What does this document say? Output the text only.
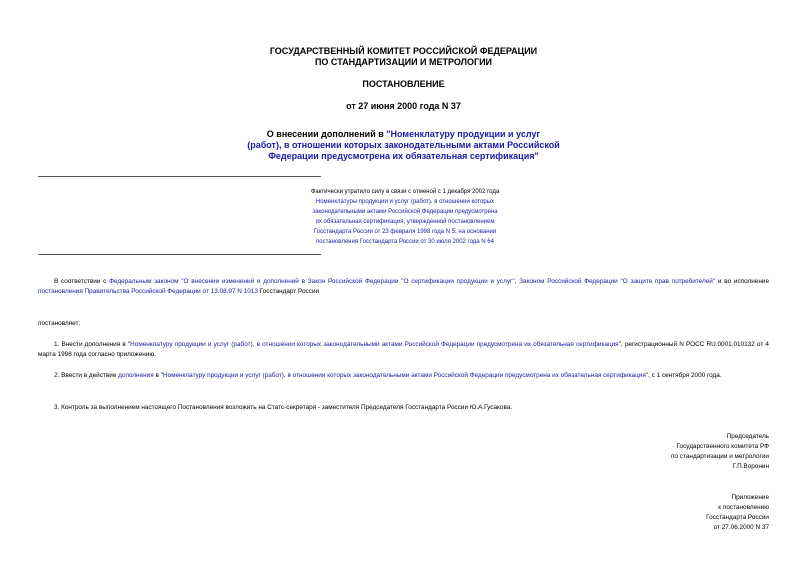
ГОСУДАРСТВЕННЫЙ КОМИТЕТ РОССИЙСКОЙ ФЕДЕРАЦИИ
ПО СТАНДАРТИЗАЦИИ И МЕТРОЛОГИИ
ПОСТАНОВЛЕНИЕ
от 27 июня 2000 года N 37
О внесении дополнений в "Номенклатуру продукции и услуг
(работ), в отношении которых законодательными актами Российской
Федерации предусмотрена их обязательная сертификация"
Фактически утратило силу в связи с отменой с 1 декабря 2002 года
Номенклатуры продукции и услуг (работ), в отношении которых
законодательными актами Российской Федерации предусмотрена
их обязательная сертификация, утвержденной постановлением
Госстандарта России от 23 февраля 1998 года N 5, на основании
постановления Госстандарта России от 30 июля 2002 года N 64
В соответствии с Федеральным законом "О внесении изменений и дополнений в Закон Российской Федерации "О сертификации продукции и услуг", Законом Российской Федерации "О защите прав потребителей" и во исполнение постановления Правительства Российской Федерации от 13.08.97 N 1013 Госстандарт России
постановляет:
1. Внести дополнения в "Номенклатуру продукции и услуг (работ), в отношении которых законодательными актами Российской Федерации предусмотрена их обязательная сертификация", регистрационный N РОСС RU.0001.010132 от 4 марта 1998 года согласно приложению.
2. Ввести в действие дополнения в "Номенклатуру продукции и услуг (работ), в отношении которых законодательными актами Российской Федерации предусмотрена их обязательная сертификация", с 1 сентября 2000 года.
3. Контроль за выполнением настоящего Постановления возложить на Статс-секретаря - заместителя Председателя Госстандарта России Ю.А.Гусакова.
Председатель
Государственного комитета РФ
по стандартизации и метрологии
Г.П.Воронин
Приложение
к постановлению
Госстандарта России
от 27.06.2000 N 37
